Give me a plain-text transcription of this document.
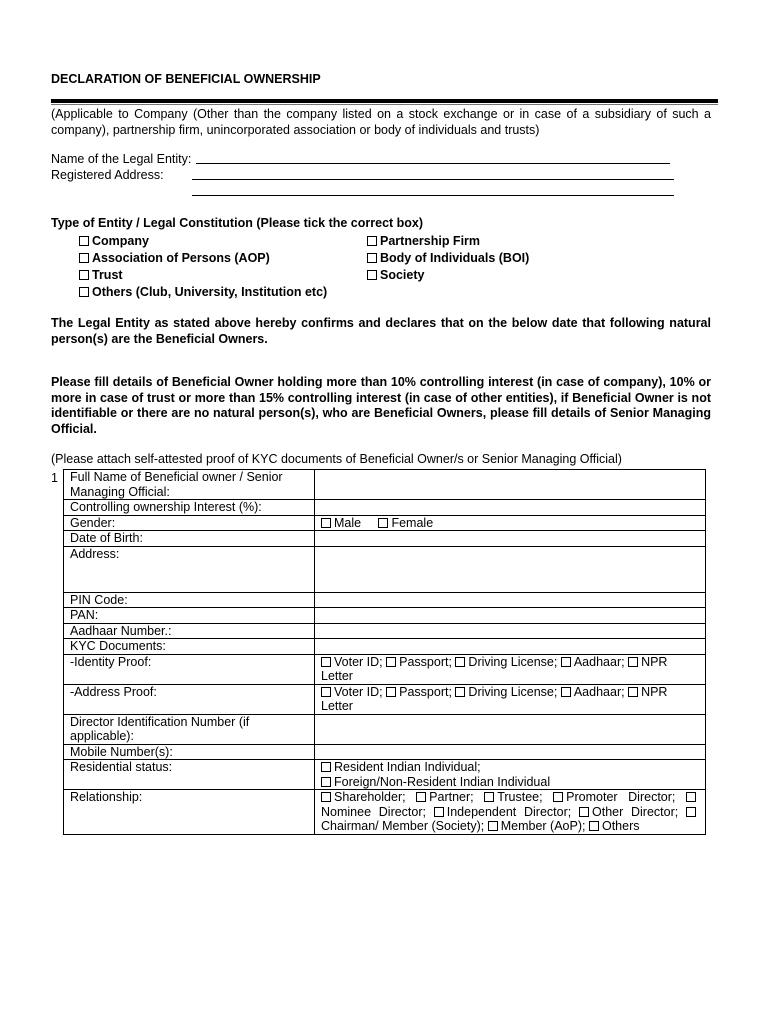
DECLARATION OF BENEFICIAL OWNERSHIP
(Applicable to Company (Other than the company listed on a stock exchange or in case of a subsidiary of such a company), partnership firm, unincorporated association or body of individuals and trusts)
Name of the Legal Entity:
Registered Address:
Type of Entity / Legal Constitution (Please tick the correct box)
Company	Partnership Firm
Association of Persons (AOP)	Body of Individuals (BOI)
Trust	Society
Others (Club, University, Institution etc)
The Legal Entity as stated above hereby confirms and declares that on the below date that following natural person(s) are the Beneficial Owners.
Please fill details of Beneficial Owner holding more than 10% controlling interest (in case of company), 10% or more in case of trust or more than 15% controlling interest (in case of other entities), if Beneficial Owner is not identifiable or there are no natural person(s), who are Beneficial Owners, please fill details of Senior Managing Official.
(Please attach self-attested proof of KYC documents of Beneficial Owner/s or Senior Managing Official)
1 Full Name of Beneficial owner / Senior Managing Official:	
Controlling ownership Interest (%):	
Gender:	Male Female
Date of Birth:	
Address:	
PIN Code:	
PAN:	
Aadhaar Number.:	
KYC Documents:	
-Identity Proof:	Voter ID; Passport; Driving License; Aadhaar; NPR Letter
-Address Proof:	Voter ID; Passport; Driving License; Aadhaar; NPR Letter
Director Identification Number (if applicable):	
Mobile Number(s):	
Residential status:	Resident Indian Individual;
Foreign/Non-Resident Indian Individual

Relationship:	Shareholder; Partner; Trustee; Promoter Director; Nominee Director; Independent Director; Other Director; Chairman/ Member (Society); Member (AoP); Others
